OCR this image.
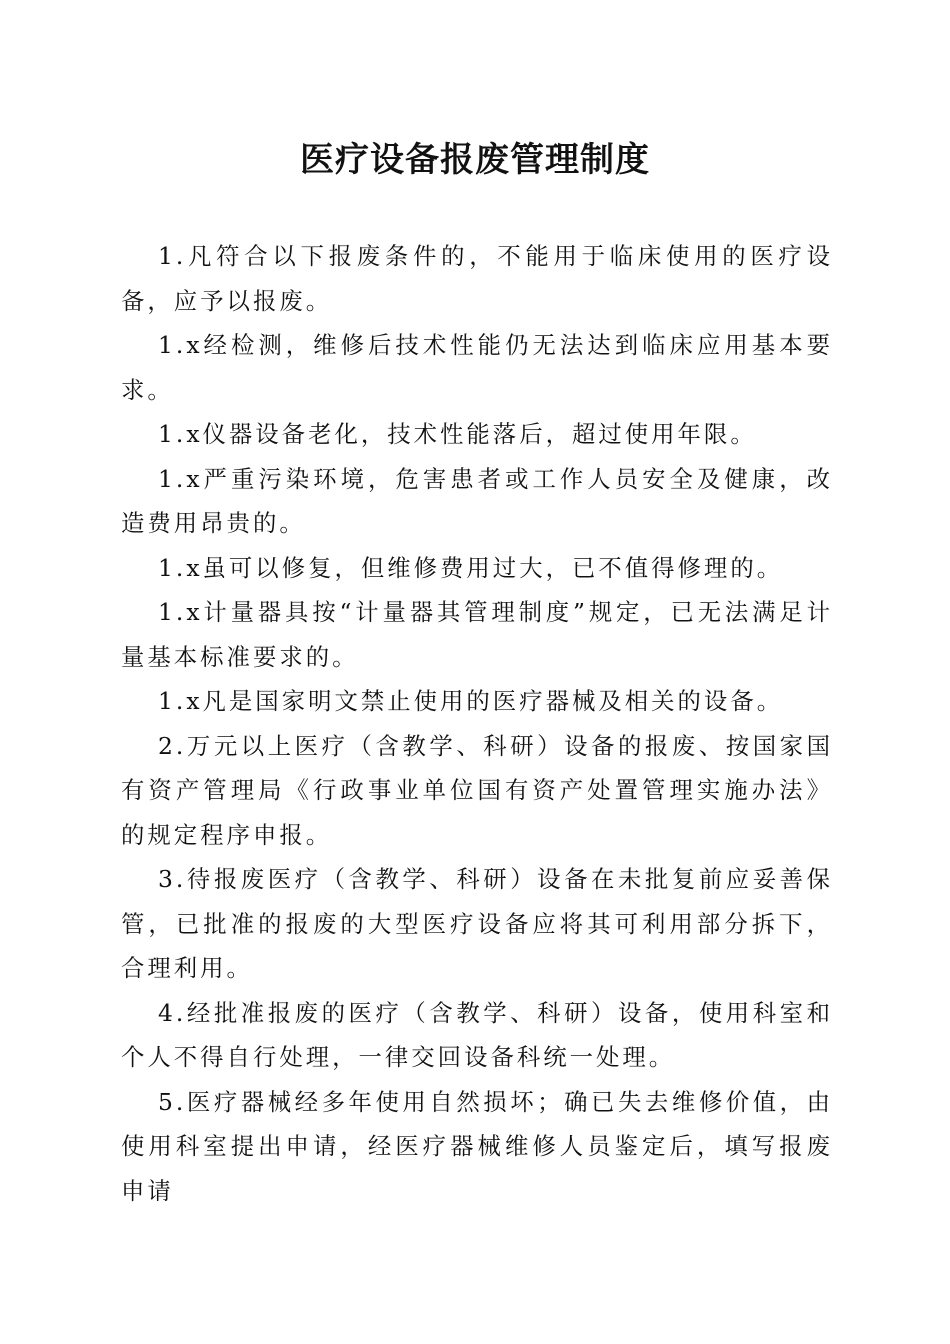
医疗设备报废管理制度

1.凡符合以下报废条件的，不能用于临床使用的医疗设备，应予以报废。

1.x经检测，维修后技术性能仍无法达到临床应用基本要求。

1.x仪器设备老化，技术性能落后，超过使用年限。

1.x严重污染环境，危害患者或工作人员安全及健康，改造费用昂贵的。

1.x虽可以修复，但维修费用过大，已不值得修理的。

1.x计量器具按“计量器其管理制度”规定，已无法满足计量基本标准要求的。

1.x凡是国家明文禁止使用的医疗器械及相关的设备。

2.万元以上医疗（含教学、科研）设备的报废、按国家国有资产管理局《行政事业单位国有资产处置管理实施办法》的规定程序申报。

3.待报废医疗（含教学、科研）设备在未批复前应妥善保管，已批准的报废的大型医疗设备应将其可利用部分拆下，合理利用。

4.经批准报废的医疗（含教学、科研）设备，使用科室和个人不得自行处理，一律交回设备科统一处理。

5.医疗器械经多年使用自然损坏；确已失去维修价值，由使用科室提出申请，经医疗器械维修人员鉴定后，填写报废申请
